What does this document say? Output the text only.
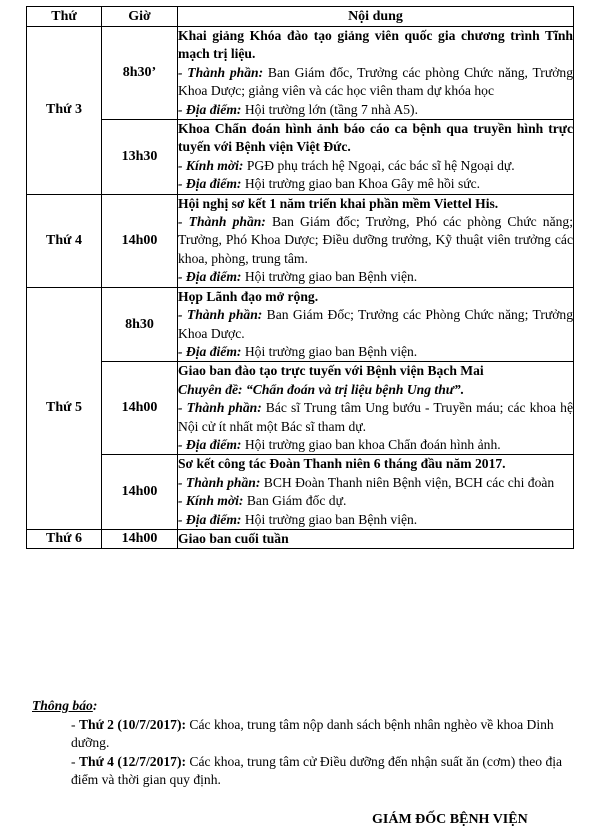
Thứ	Giờ	Nội dung
Thứ 3	8h30’	Khai giảng Khóa đào tạo giảng viên quốc gia chương trình Tĩnh mạch trị liệu.
- Thành phần: Ban Giám đốc, Trưởng các phòng Chức năng, Trưởng Khoa Dược; giảng viên và các học viên tham dự khóa học
- Địa điểm: Hội trường lớn (tầng 7 nhà A5).

	13h30	Khoa Chẩn đoán hình ảnh báo cáo ca bệnh qua truyền hình trực tuyến với Bệnh viện Việt Đức.
- Kính mời: PGĐ phụ trách hệ Ngoại, các bác sĩ hệ Ngoại dự.
- Địa điểm: Hội trường giao ban Khoa Gây mê hồi sức.

Thứ 4	14h00	Hội nghị sơ kết 1 năm triển khai phần mềm Viettel His.
- Thành phần: Ban Giám đốc; Trưởng, Phó các phòng Chức năng; Trưởng, Phó Khoa Dược; Điều dưỡng trưởng, Kỹ thuật viên trưởng các khoa, phòng, trung tâm.
- Địa điểm: Hội trường giao ban Bệnh viện.

Thứ 5	8h30	Họp Lãnh đạo mở rộng.
- Thành phần: Ban Giám Đốc; Trưởng các Phòng Chức năng; Trưởng Khoa Dược.
- Địa điểm: Hội trường giao ban Bệnh viện.

	14h00	Giao ban đào tạo trực tuyến với Bệnh viện Bạch Mai
Chuyên đề: “Chẩn đoán và trị liệu bệnh Ung thư”.
- Thành phần: Bác sĩ Trung tâm Ung bướu - Truyền máu; các khoa hệ Nội cử ít nhất một Bác sĩ tham dự.
- Địa điểm: Hội trường giao ban khoa Chẩn đoán hình ảnh.

	14h00	Sơ kết công tác Đoàn Thanh niên 6 tháng đầu năm 2017.
- Thành phần: BCH Đoàn Thanh niên Bệnh viện, BCH các chi đoàn
- Kính mời: Ban Giám đốc dự.
- Địa điểm: Hội trường giao ban Bệnh viện.

Thứ 6	14h00	Giao ban cuối tuần
Thông báo:
- Thứ 2 (10/7/2017): Các khoa, trung tâm nộp danh sách bệnh nhân nghèo về khoa Dinh dưỡng.
- Thứ 4 (12/7/2017): Các khoa, trung tâm cử Điều dưỡng đến nhận suất ăn (cơm) theo địa điểm và thời gian quy định.
GIÁM ĐỐC BỆNH VIỆN
